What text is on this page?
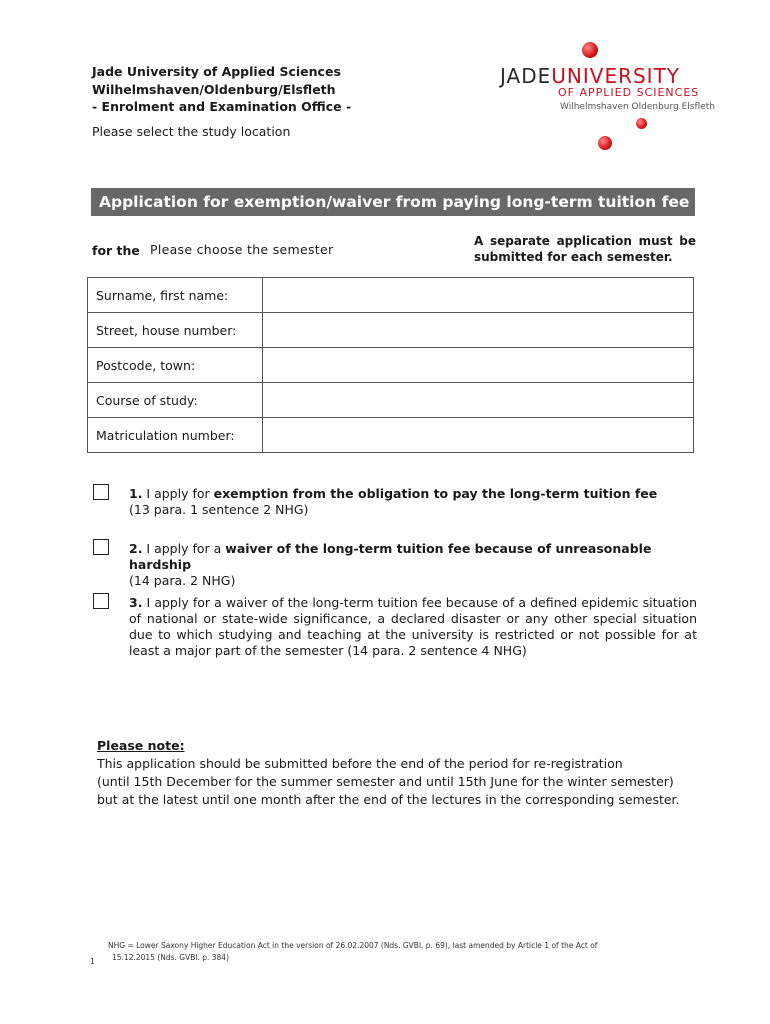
Jade University of Applied Sciences
Wilhelmshaven/Oldenburg/Elsfleth
- Enrolment and Examination Office -
Please select the study location
JADEUNIVERSITY
OF APPLIED SCIENCES
Wilhelmshaven Oldenburg Elsfleth
Application for exemption/waiver from paying long-term tuition fee
for the Please choose the semester
A separate application must be submitted for each semester.
Surname, first name:	
Street, house number:	
Postcode, town:	
Course of study:	
Matriculation number:	
1. I apply for exemption from the obligation to pay the long-term tuition fee
(13 para. 1 sentence 2 NHG)
2. I apply for a waiver of the long-term tuition fee because of unreasonable hardship
(14 para. 2 NHG)
3. I apply for a waiver of the long-term tuition fee because of a defined epidemic situation of national or state-wide significance, a declared disaster or any other special situation due to which studying and teaching at the university is restricted or not possible for at least a major part of the semester (14 para. 2 sentence 4 NHG)
Please note:
This application should be submitted before the end of the period for re-registration
(until 15th December for the summer semester and until 15th June for the winter semester)
but at the latest until one month after the end of the lectures in the corresponding semester.
NHG = Lower Saxony Higher Education Act in the version of 26.02.2007 (Nds. GVBl. p. 69), last amended by Article 1 of the Act of
15.12.2015 (Nds. GVBl. p. 384)
1
